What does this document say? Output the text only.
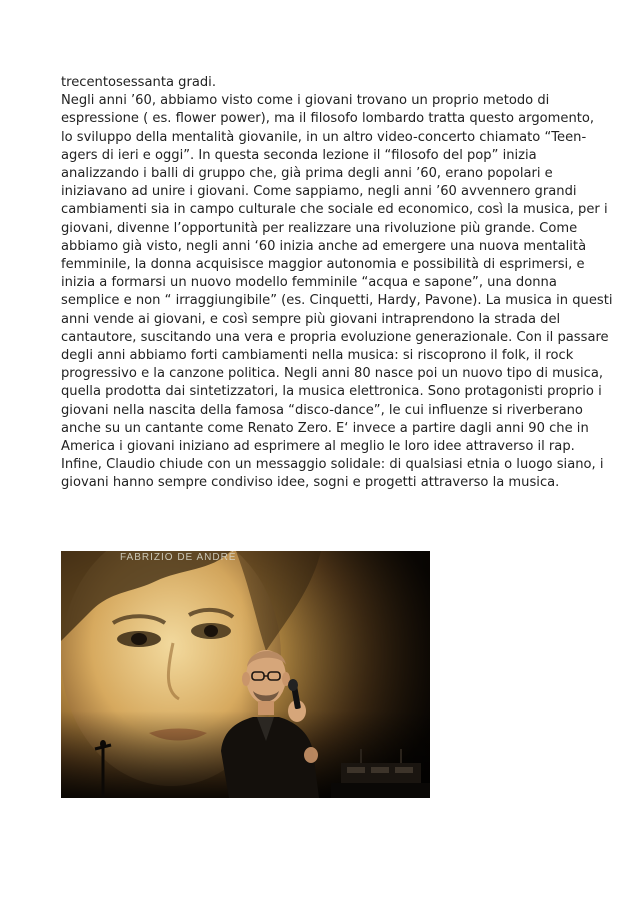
trecentosessanta gradi.
Negli anni ’60, abbiamo visto come i giovani trovano un proprio metodo di
espressione ( es. flower power), ma il filosofo lombardo tratta questo argomento,
lo sviluppo della mentalità giovanile, in un altro video-concerto chiamato “Teen-
agers di ieri e oggi”. In questa seconda lezione il “filosofo del pop” inizia
analizzando i balli di gruppo che, già prima degli anni ’60, erano popolari e
iniziavano ad unire i giovani. Come sappiamo, negli anni ’60 avvennero grandi
cambiamenti sia in campo culturale che sociale ed economico, così la musica, per i
giovani, divenne l’opportunità per realizzare una rivoluzione più grande. Come
abbiamo già visto, negli anni ‘60 inizia anche ad emergere una nuova mentalità
femminile, la donna acquisisce maggior autonomia e possibilità di esprimersi, e
inizia a formarsi un nuovo modello femminile “acqua e sapone”, una donna
semplice e non “ irraggiungibile” (es. Cinquetti, Hardy, Pavone). La musica in questi
anni vende ai giovani, e così sempre più giovani intraprendono la strada del
cantautore, suscitando una vera e propria evoluzione generazionale. Con il passare
degli anni abbiamo forti cambiamenti nella musica: si riscoprono il folk, il rock
progressivo e la canzone politica. Negli anni 80 nasce poi un nuovo tipo di musica,
quella prodotta dai sintetizzatori, la musica elettronica. Sono protagonisti proprio i
giovani nella nascita della famosa “disco-dance”, le cui influenze si riverberano
anche su un cantante come Renato Zero. E‘ invece a partire dagli anni 90 che in
America i giovani iniziano ad esprimere al meglio le loro idee attraverso il rap.
Infine, Claudio chiude con un messaggio solidale: di qualsiasi etnia o luogo siano, i
giovani hanno sempre condiviso idee, sogni e progetti attraverso la musica.
FABRIZIO DE ANDRÉ
